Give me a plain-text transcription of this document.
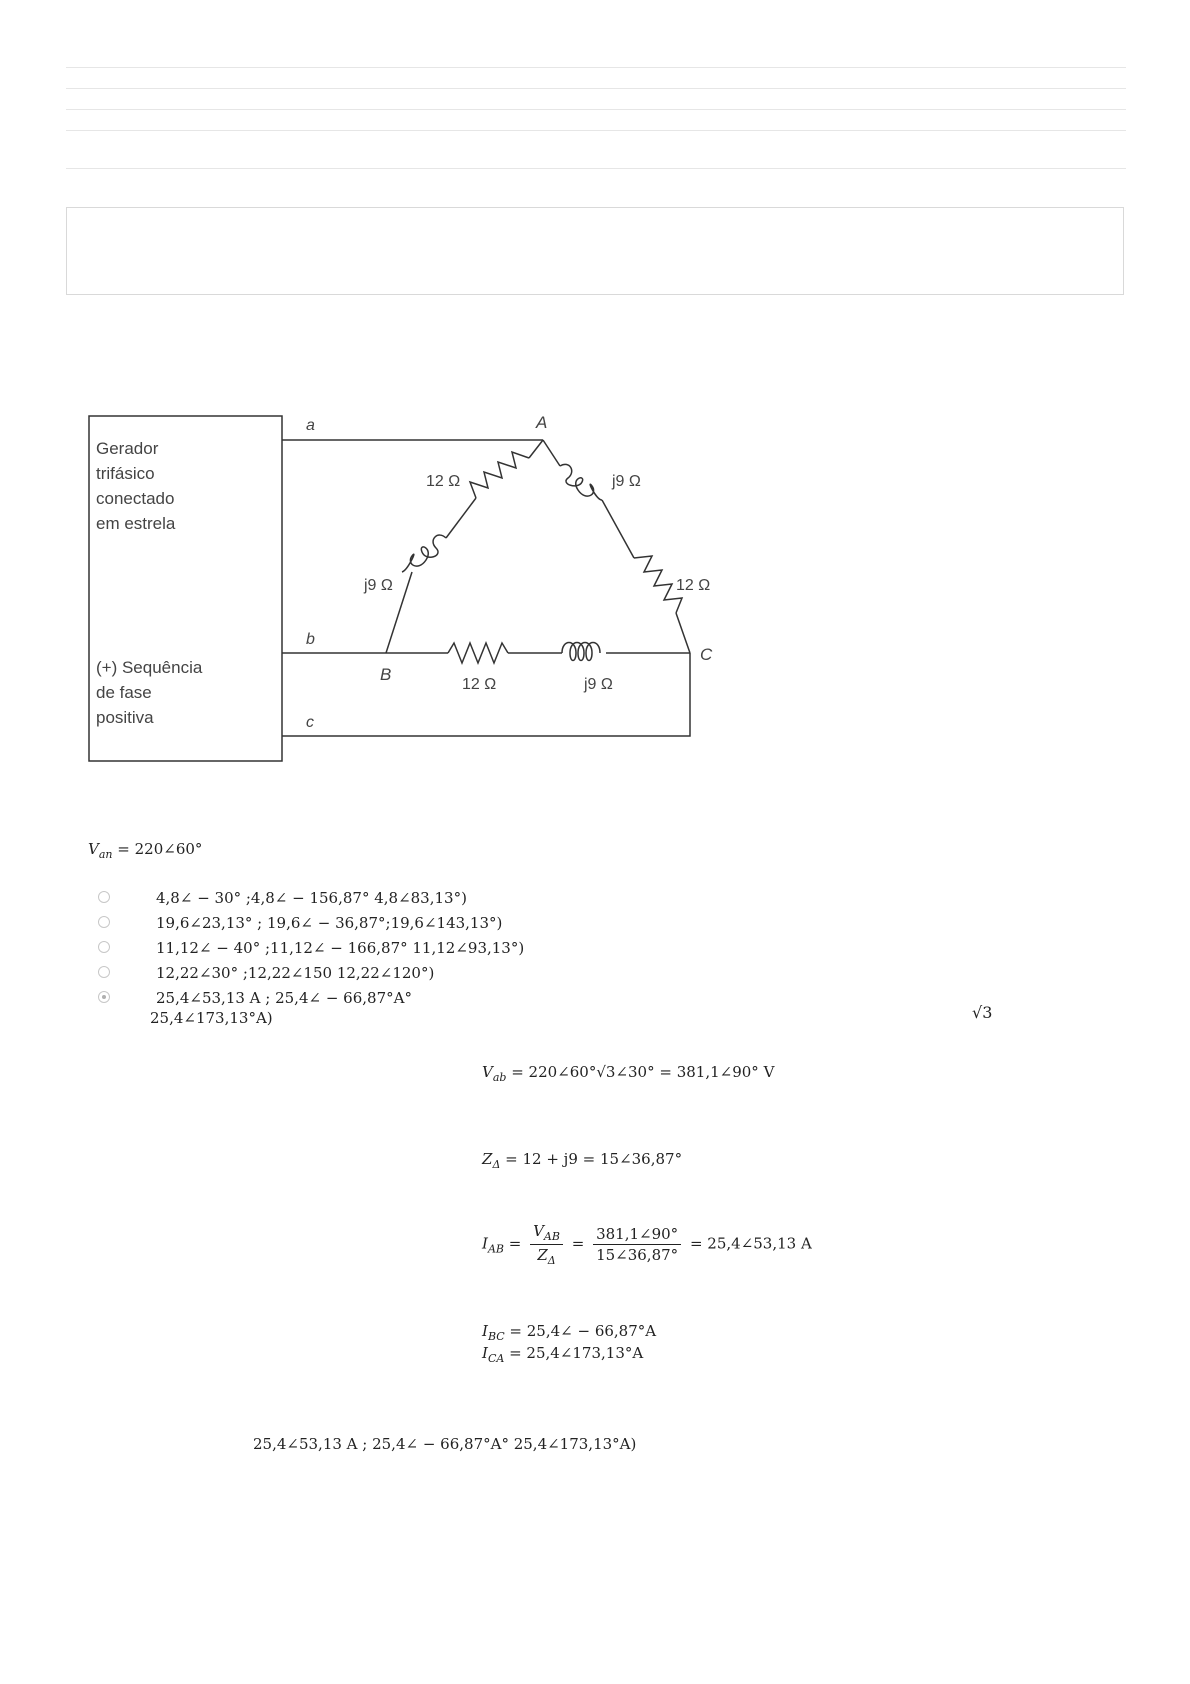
Gerador
trifásico
conectado
em estrela
(+) Sequência
de fase
positiva
a
b
c
A
B
C
12 Ω
j9 Ω
j9 Ω
12 Ω
12 Ω	j9 Ω
$V_{an}$ = 220∠60°
4,8∠ − 30° ;4,8∠ − 156,87° 4,8∠83,13°)
19,6∠23,13° ; 19,6∠ − 36,87°;19,6∠143,13°)
11,12∠ − 40° ;11,12∠ − 166,87° 11,12∠93,13°)
12,22∠30° ;12,22∠150 12,22∠120°)
25,4∠53,13 A ; 25,4∠ − 66,87°A°
25,4∠173,13°A)	√3
$V_{ab}$ = 220∠60°√3∠30° = 381,1∠90° V
$Z_\Delta = 12 + j9$ = 15∠36,87°
$I_{AB} = \frac{V_{AB}}{Z_\Delta} = \frac{381,1\angle 90^\circ}{15\angle 36,87^\circ}$ = 25,4∠53,13 A
$I_{BC}$ = 25,4∠ − 66,87°A
$I_{CA}$ = 25,4∠173,13°A
25,4∠53,13 A ; 25,4∠ − 66,87°A° 25,4∠173,13°A)
